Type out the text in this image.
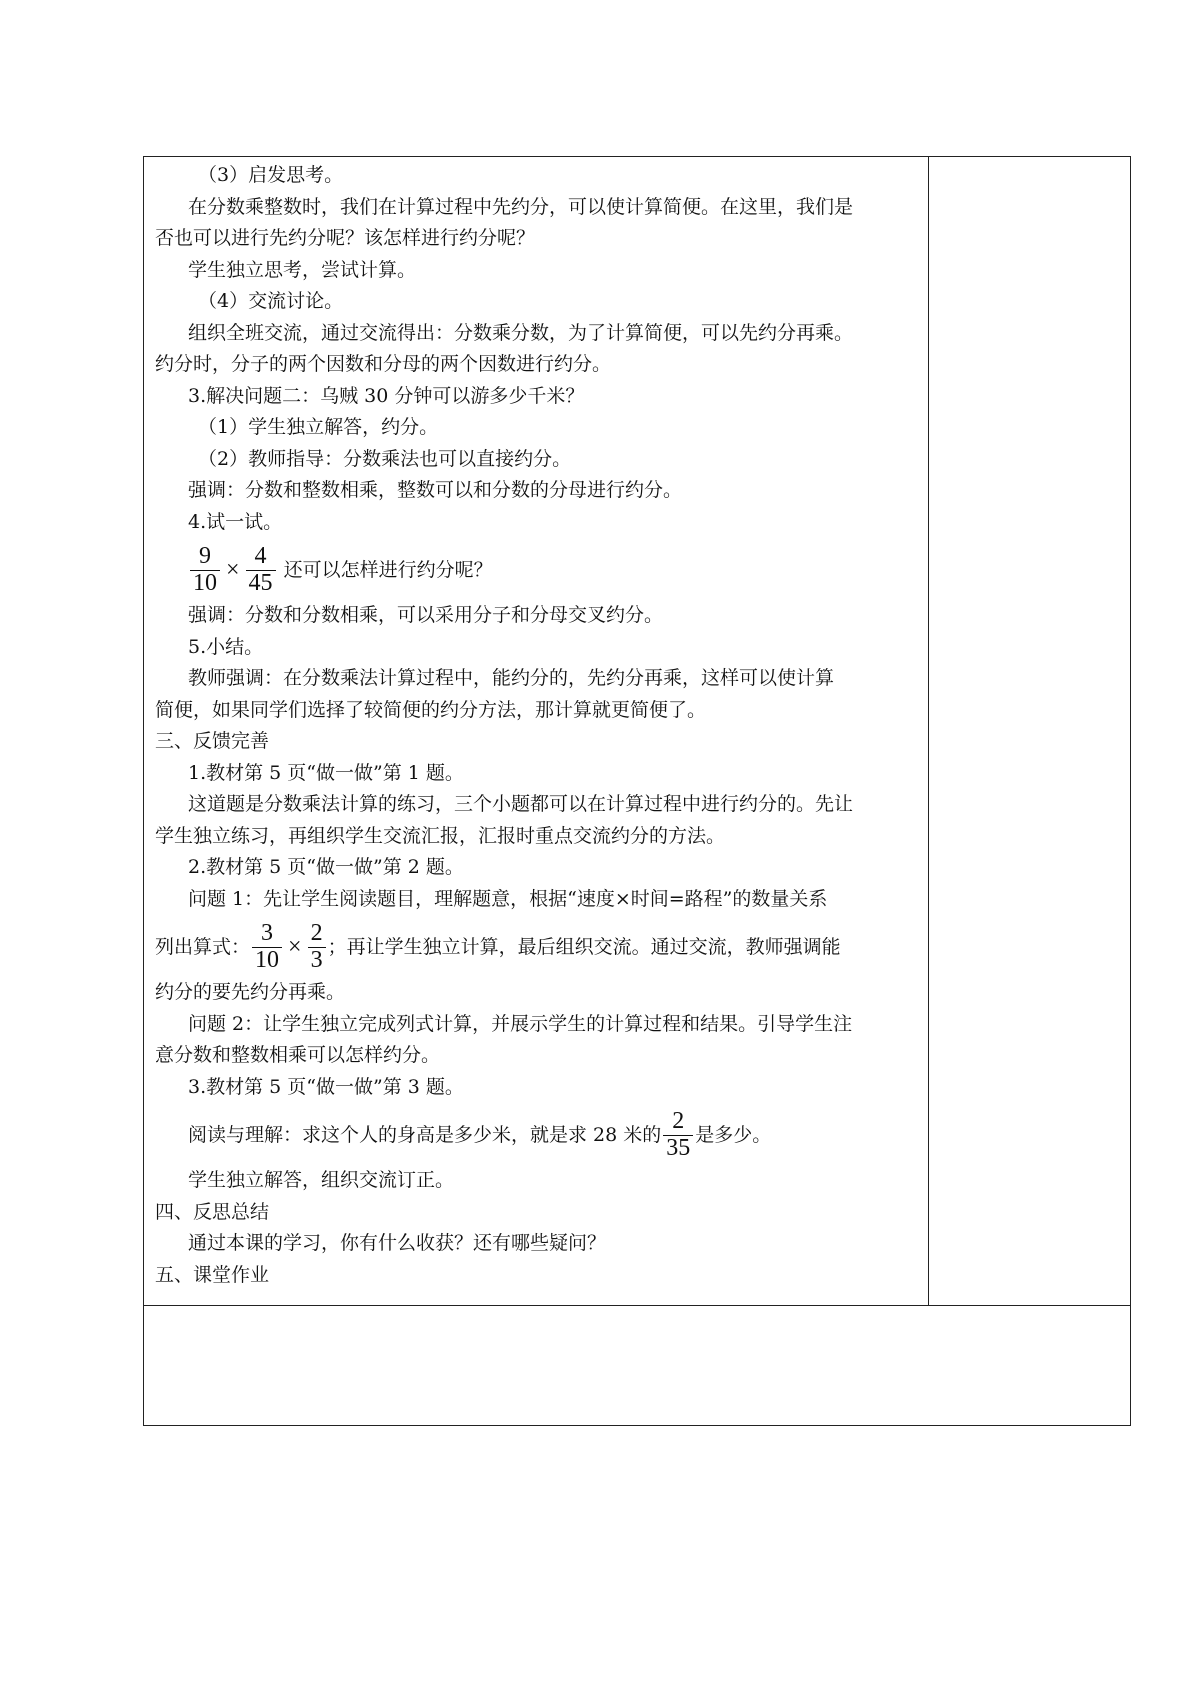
（3）启发思考。
在分数乘整数时，我们在计算过程中先约分，可以使计算简便。在这里，我们是
否也可以进行先约分呢？该怎样进行约分呢？
学生独立思考，尝试计算。
（4）交流讨论。
组织全班交流，通过交流得出：分数乘分数，为了计算简便，可以先约分再乘。
约分时，分子的两个因数和分母的两个因数进行约分。
3.解决问题二：乌贼 30 分钟可以游多少千米？
（1）学生独立解答，约分。
（2）教师指导：分数乘法也可以直接约分。
强调：分数和整数相乘，整数可以和分数的分母进行约分。
4.试一试。
$\frac{9}{10} \times \frac{4}{45}$ 还可以怎样进行约分呢？
强调：分数和分数相乘，可以采用分子和分母交叉约分。
5.小结。
教师强调：在分数乘法计算过程中，能约分的，先约分再乘，这样可以使计算
简便，如果同学们选择了较简便的约分方法，那计算就更简便了。
三、反馈完善
1.教材第 5 页“做一做”第 1 题。
这道题是分数乘法计算的练习，三个小题都可以在计算过程中进行约分的。先让
学生独立练习，再组织学生交流汇报，汇报时重点交流约分的方法。
2.教材第 5 页“做一做”第 2 题。
问题 1：先让学生阅读题目，理解题意，根据“速度×时间=路程”的数量关系
列出算式： $\frac{3}{10} \times \frac{2}{3}$ ；再让学生独立计算，最后组织交流。通过交流，教师强调能
约分的要先约分再乘。
问题 2：让学生独立完成列式计算，并展示学生的计算过程和结果。引导学生注
意分数和整数相乘可以怎样约分。
3.教材第 5 页“做一做”第 3 题。
阅读与理解：求这个人的身高是多少米，就是求 28 米的 $\frac{2}{35}$ 是多少。
学生独立解答，组织交流订正。
四、反思总结
通过本课的学习，你有什么收获？还有哪些疑问？
五、课堂作业
